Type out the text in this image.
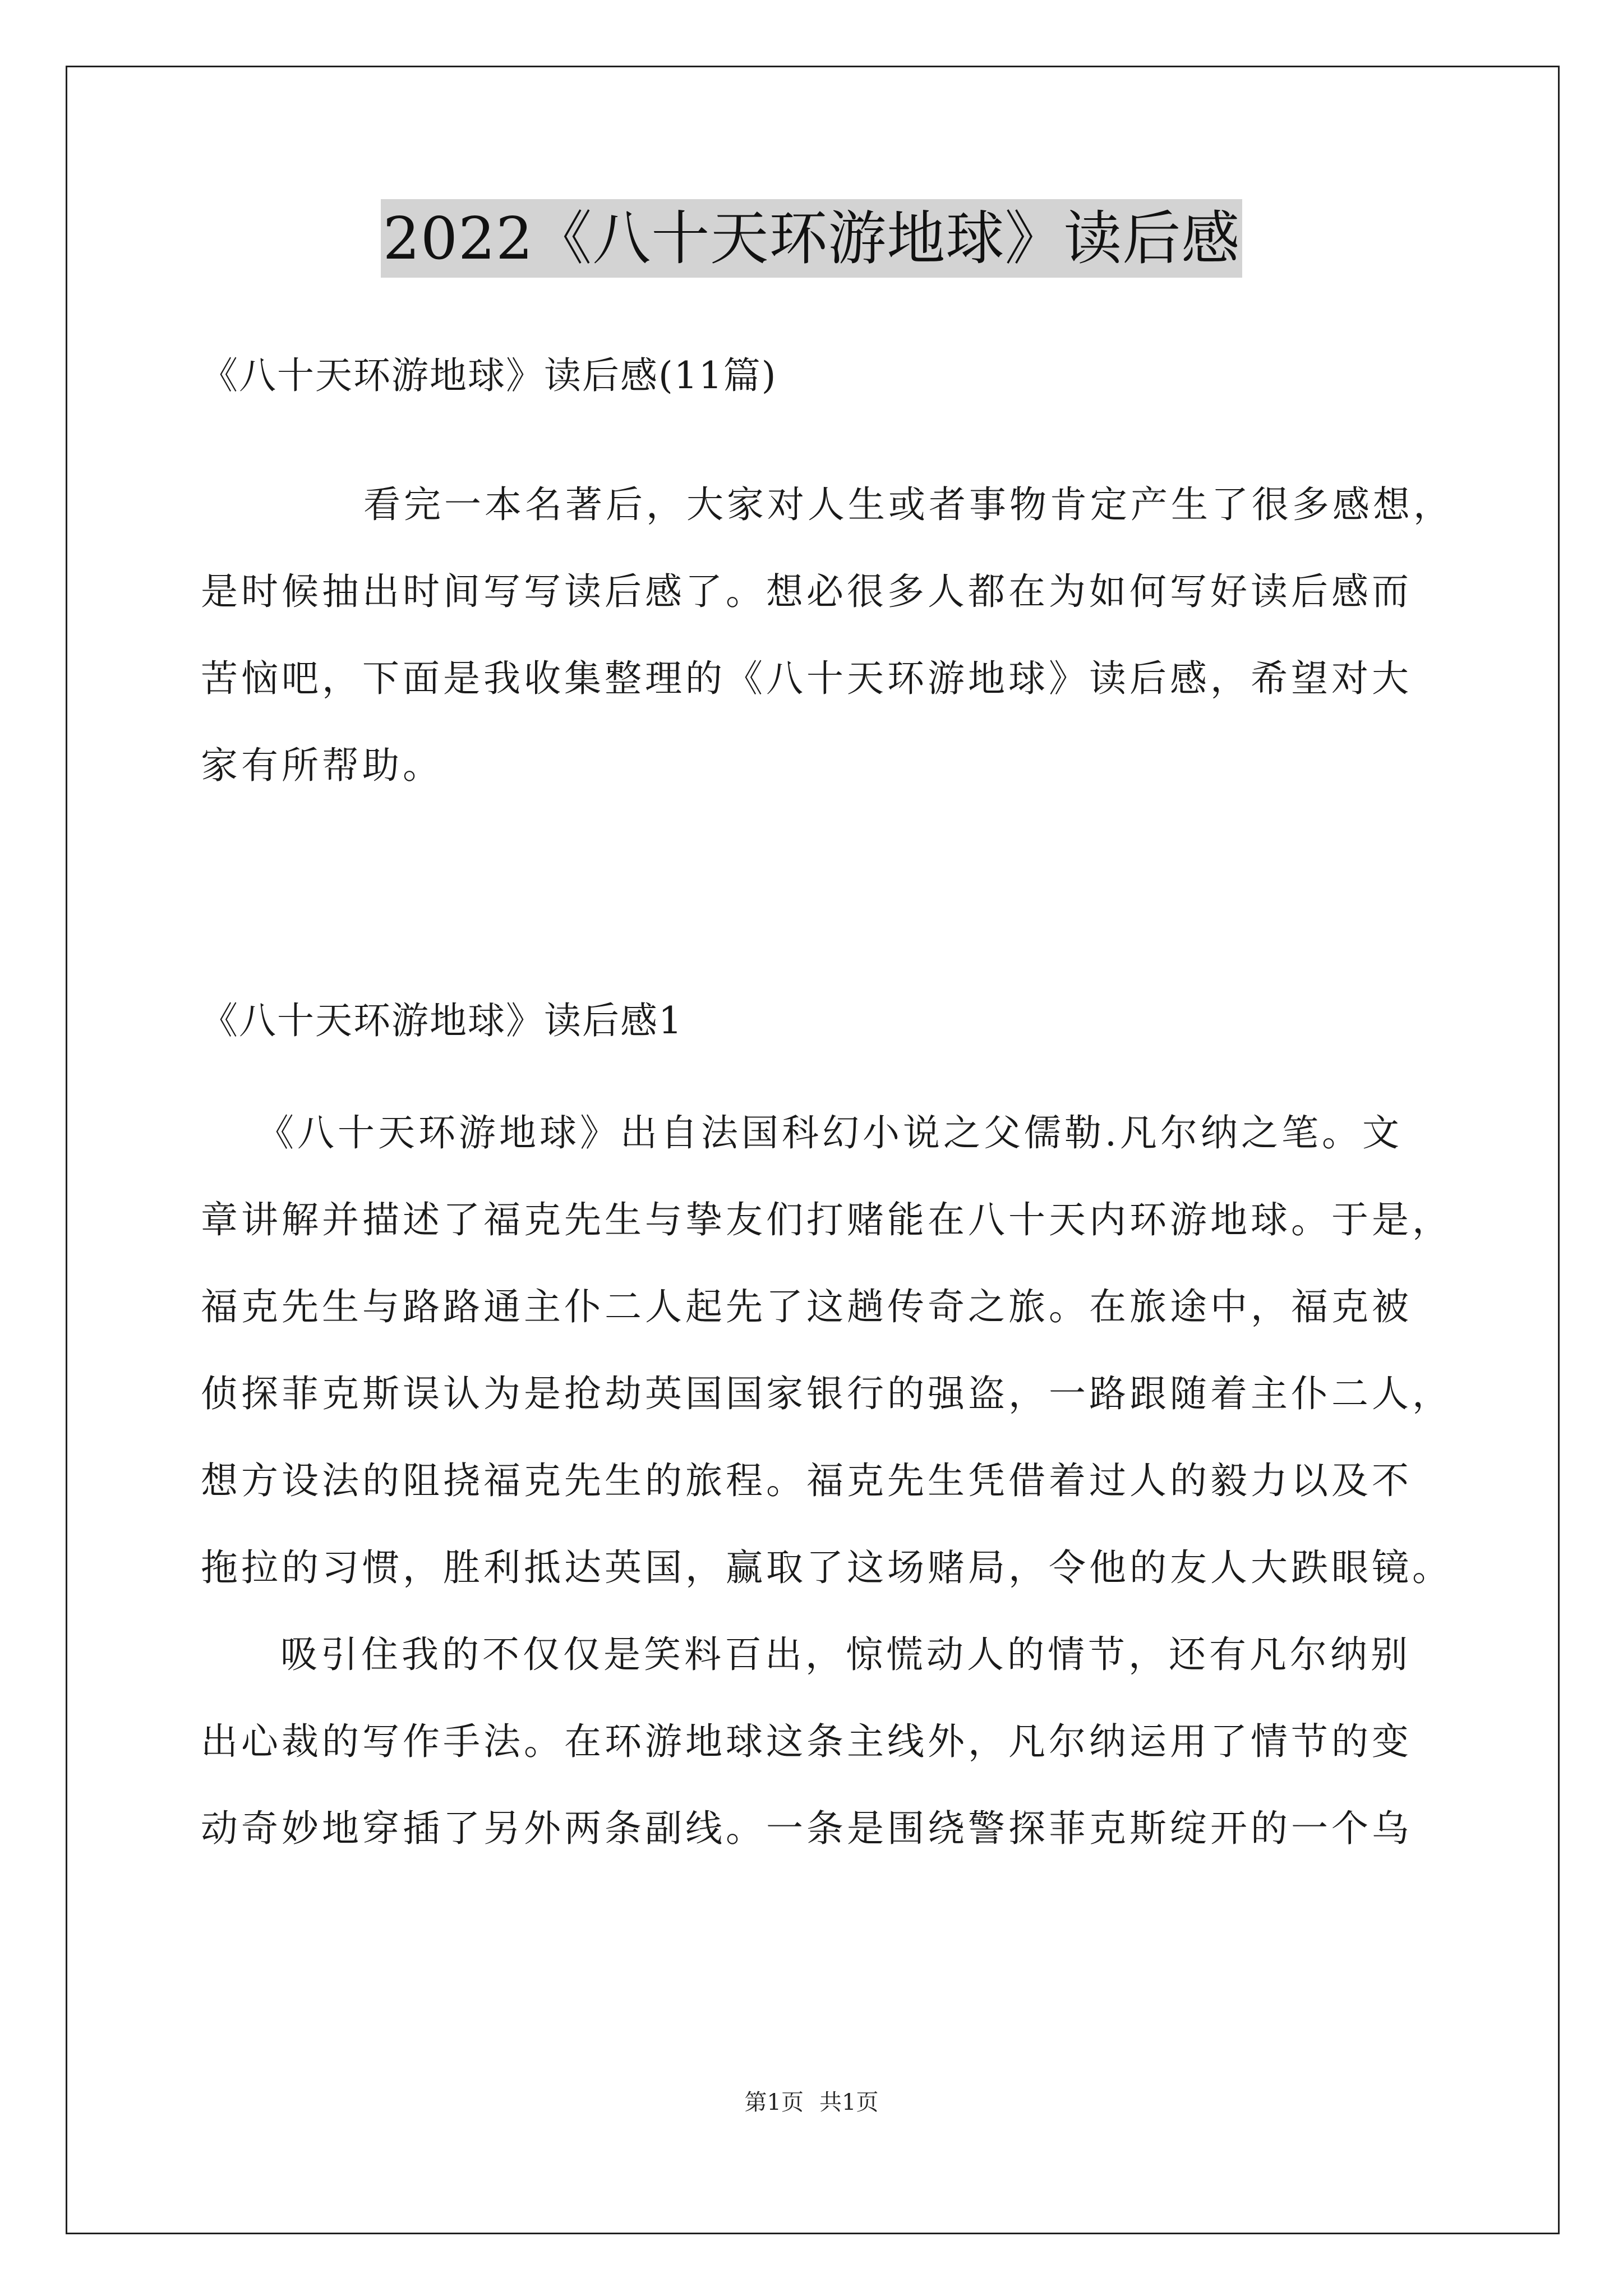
2022《八十天环游地球》读后感
《八十天环游地球》读后感(11篇)
看完一本名著后，大家对人生或者事物肯定产生了很多感想，
是时候抽出时间写写读后感了。想必很多人都在为如何写好读后感而
苦恼吧，下面是我收集整理的《八十天环游地球》读后感，希望对大
家有所帮助。
《八十天环游地球》读后感1
《八十天环游地球》出自法国科幻小说之父儒勒.凡尔纳之笔。文
章讲解并描述了福克先生与挚友们打赌能在八十天内环游地球。于是，
福克先生与路路通主仆二人起先了这趟传奇之旅。在旅途中，福克被
侦探菲克斯误认为是抢劫英国国家银行的强盗，一路跟随着主仆二人，
想方设法的阻挠福克先生的旅程。福克先生凭借着过人的毅力以及不
拖拉的习惯，胜利抵达英国，赢取了这场赌局，令他的友人大跌眼镜。
吸引住我的不仅仅是笑料百出，惊慌动人的情节，还有凡尔纳别
出心裁的写作手法。在环游地球这条主线外，凡尔纳运用了情节的变
动奇妙地穿插了另外两条副线。一条是围绕警探菲克斯绽开的一个乌
第1页 共1页
